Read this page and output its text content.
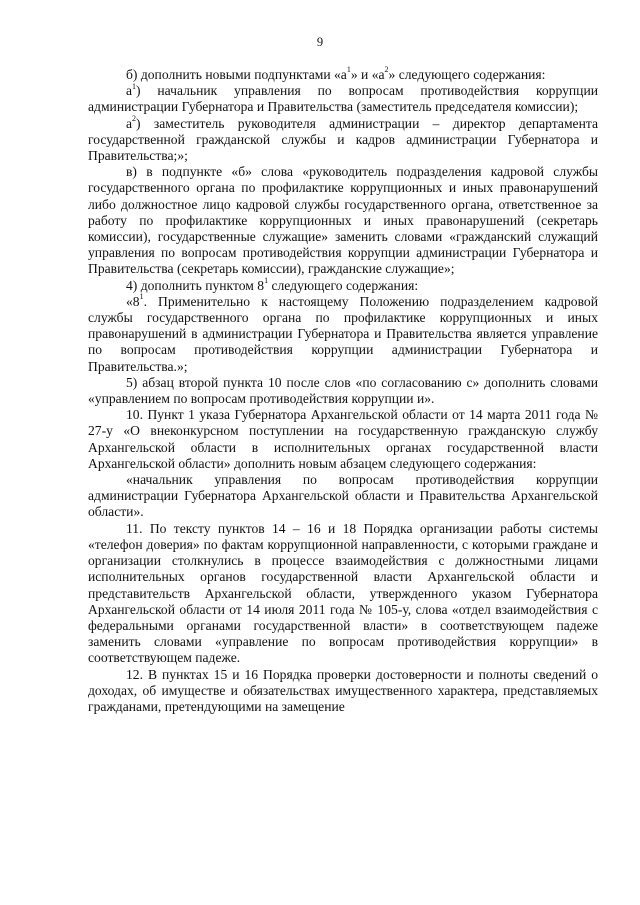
9

б) дополнить новыми подпунктами «$а^1$» и «$а^2$» следующего содержания:

$а^1$) начальник управления по вопросам противодействия коррупции администрации Губернатора и Правительства (заместитель председателя комиссии);

$а^2$) заместитель руководителя администрации – директор департамента государственной гражданской службы и кадров администрации Губернатора и Правительства;»;

в) в подпункте «б» слова «руководитель подразделения кадровой службы государственного органа по профилактике коррупционных и иных правонарушений либо должностное лицо кадровой службы государственного органа, ответственное за работу по профилактике коррупционных и иных правонарушений (секретарь комиссии), государственные служащие» заменить словами «гражданский служащий управления по вопросам противодействия коррупции администрации Губернатора и Правительства (секретарь комиссии), гражданские служащие»;

4) дополнить пунктом $8^1$ следующего содержания:

«$8^1$. Применительно к настоящему Положению подразделением кадровой службы государственного органа по профилактике коррупционных и иных правонарушений в администрации Губернатора и Правительства является управление по вопросам противодействия коррупции администрации Губернатора и Правительства.»;

5) абзац второй пункта 10 после слов «по согласованию с» дополнить словами «управлением по вопросам противодействия коррупции и».

10. Пункт 1 указа Губернатора Архангельской области от 14 марта 2011 года № 27-у «О внеконкурсном поступлении на государственную гражданскую службу Архангельской области в исполнительных органах государственной власти Архангельской области» дополнить новым абзацем следующего содержания:

«начальник управления по вопросам противодействия коррупции администрации Губернатора Архангельской области и Правительства Архангельской области».

11. По тексту пунктов 14 – 16 и 18 Порядка организации работы системы «телефон доверия» по фактам коррупционной направленности, с которыми граждане и организации столкнулись в процессе взаимодействия с должностными лицами исполнительных органов государственной власти Архангельской области и представительств Архангельской области, утвержденного указом Губернатора Архангельской области от 14 июля 2011 года № 105-у, слова «отдел взаимодействия с федеральными органами государственной власти» в соответствующем падеже заменить словами «управление по вопросам противодействия коррупции» в соответствующем падеже.

12. В пунктах 15 и 16 Порядка проверки достоверности и полноты сведений о доходах, об имуществе и обязательствах имущественного характера, представляемых гражданами, претендующими на замещение
